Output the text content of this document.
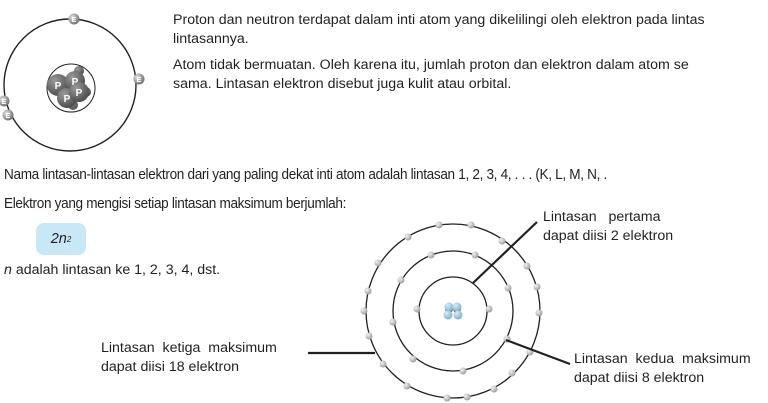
Proton dan neutron terdapat dalam inti atom yang dikelilingi oleh elektron pada lintas
lintasannya.
Atom tidak bermuatan. Oleh karena itu, jumlah proton dan elektron dalam atom se
sama. Lintasan elektron disebut juga kulit atau orbital.
P P
P
P
E
E
E
E
Nama lintasan-lintasan elektron dari yang paling dekat inti atom adalah lintasan 1, 2, 3, 4, . . . (K, L, M, N, .
Elektron yang mengisi setiap lintasan maksimum berjumlah:
2n 2
n adalah lintasan ke 1, 2, 3, 4, dst.
Lintasan   pertama
dapat diisi 2 elektron
Lintasan  kedua  maksimum
dapat diisi 8 elektron
Lintasan  ketiga  maksimum
dapat diisi 18 elektron
